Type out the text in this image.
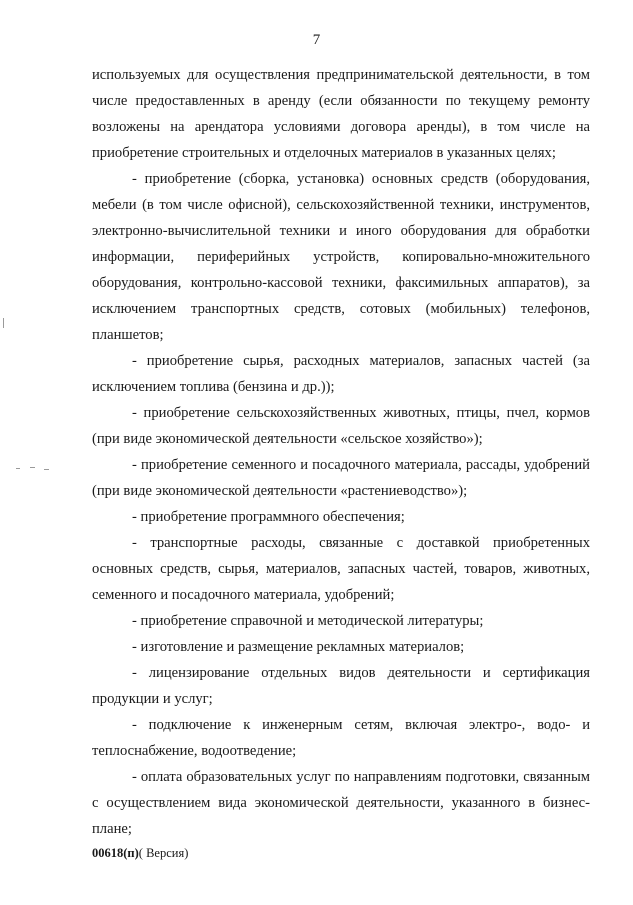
7

используемых для осуществления предпринимательской деятельности, в том числе предоставленных в аренду (если обязанности по текущему ремонту возложены на арендатора условиями договора аренды), в том числе на приобретение строительных и отделочных материалов в указанных целях;

- приобретение (сборка, установка) основных средств (оборудования, мебели (в том числе офисной), сельскохозяйственной техники, инструментов, электронно-вычислительной техники и иного оборудования для обработки информации, периферийных устройств, копировально-множительного оборудования, контрольно-кассовой техники, факсимильных аппаратов), за исключением транспортных средств, сотовых (мобильных) телефонов, планшетов;

- приобретение сырья, расходных материалов, запасных частей (за исключением топлива (бензина и др.));

- приобретение сельскохозяйственных животных, птицы, пчел, кормов (при виде экономической деятельности «сельское хозяйство»);

- приобретение семенного и посадочного материала, рассады, удобрений (при виде экономической деятельности «растениеводство»);

- приобретение программного обеспечения;

- транспортные расходы, связанные с доставкой приобретенных основных средств, сырья, материалов, запасных частей, товаров, животных, семенного и посадочного материала, удобрений;

- приобретение справочной и методической литературы;

- изготовление и размещение рекламных материалов;

- лицензирование отдельных видов деятельности и сертификация продукции и услуг;

- подключение к инженерным сетям, включая электро-, водо- и теплоснабжение, водоотведение;

- оплата образовательных услуг по направлениям подготовки, связанным с осуществлением вида экономической деятельности, указанного в бизнес-плане;

00618(п)( Версия)
